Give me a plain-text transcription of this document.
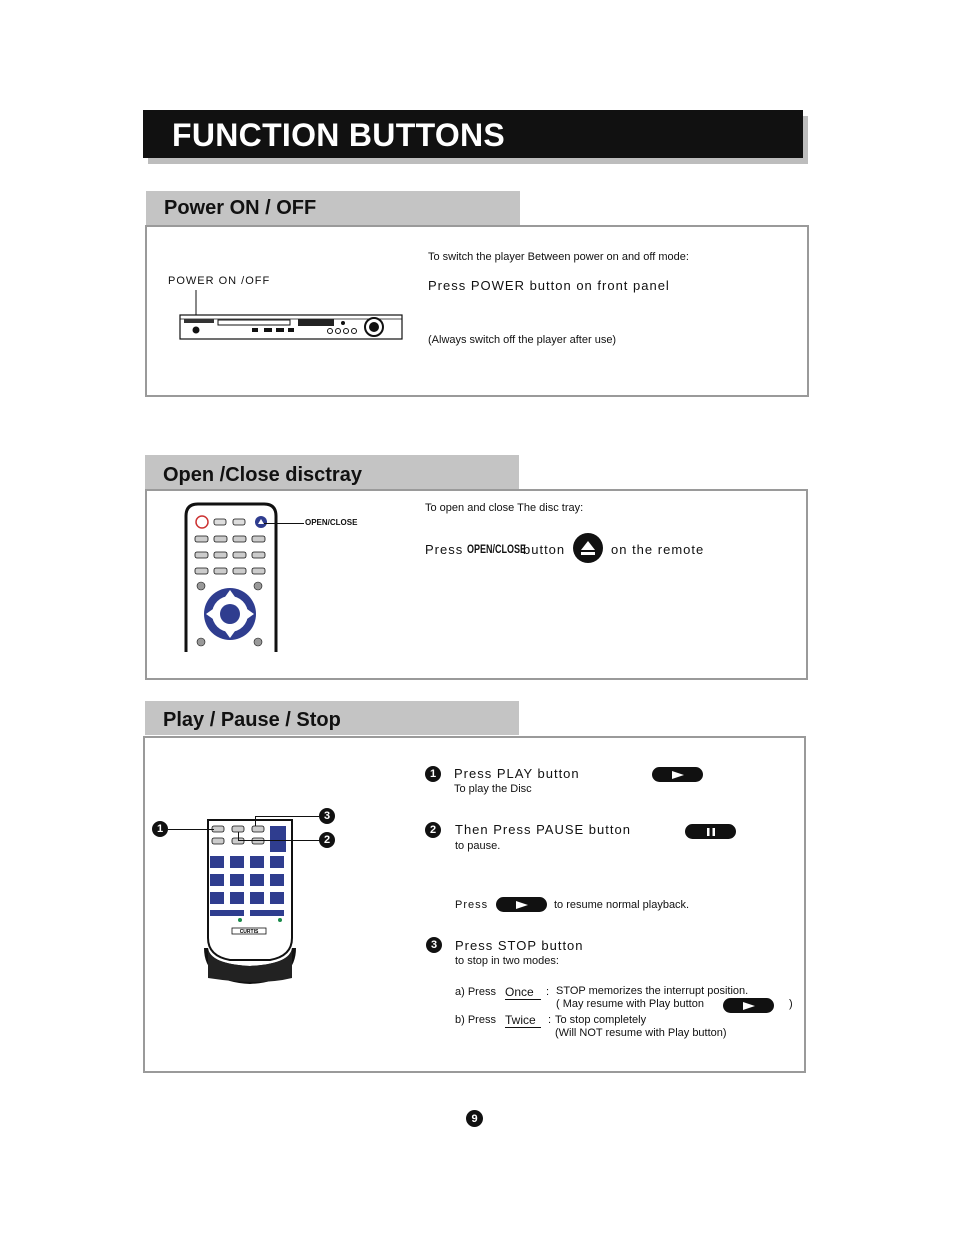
FUNCTION BUTTONS
Power ON / OFF
POWER ON /OFF
To switch the player Between power on and off mode:
Press POWER button on front panel
(Always switch off the player after use)
Open /Close disctray
OPEN/CLOSE
To open and close The disc tray:
Press OPEN/CLOSE
button	on the remote
Play / Pause / Stop
CURTIS
1
3
2
1	Press PLAY button
To play the Disc
2	Then Press PAUSE button
to pause.
Press	to resume normal playback.
3	Press STOP button
to stop in two modes:
a) Press Once	: STOP memorizes the interrupt position.
( May resume with Play button	)
b) Press Twice	: To stop completely
(Will NOT resume with Play button)
9
